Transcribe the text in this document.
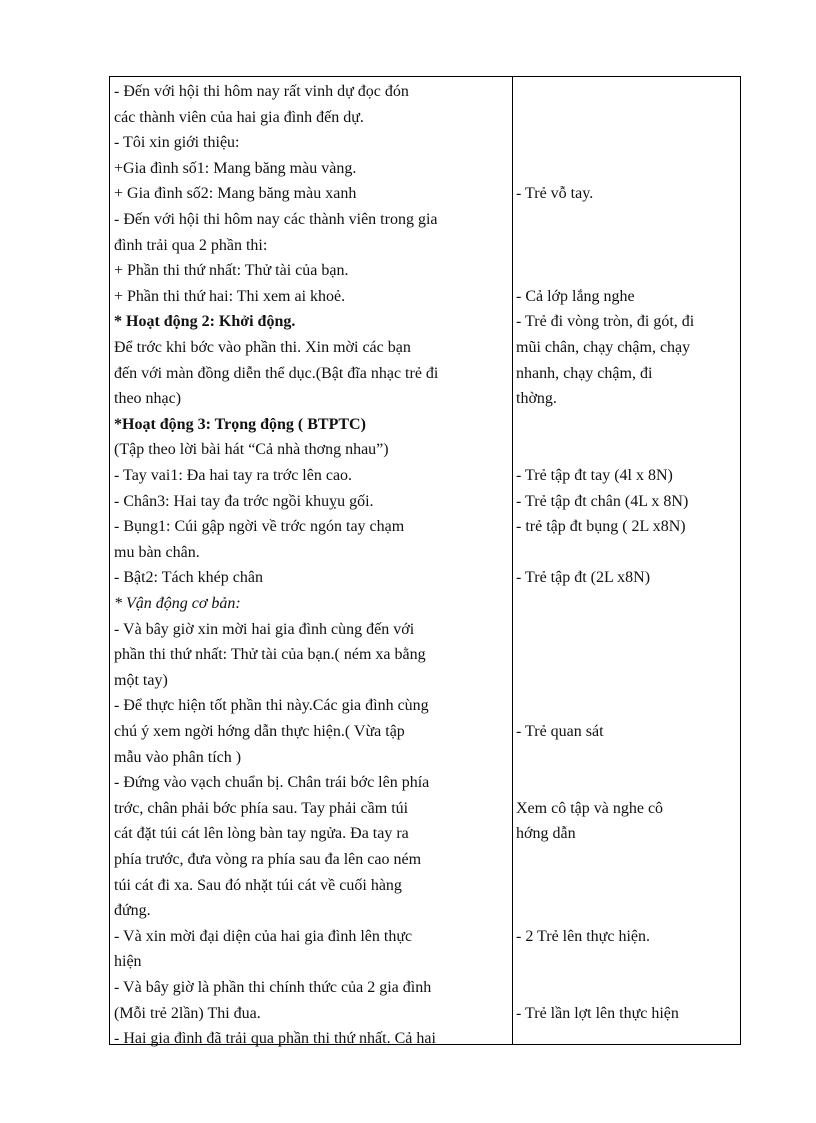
- Đến với hội thi hôm nay rất vinh dự đọc đón
các thành viên của hai gia đình đến dự.
- Tôi xin giới thiệu:
+Gia đình số1: Mang băng màu vàng.
+ Gia đình số2: Mang băng màu xanh
- Đến với hội thi hôm nay các thành viên trong gia
đình trải qua 2 phần thi:
+ Phần thi thứ nhất: Thử tài của bạn.
+ Phần thi thứ hai: Thi xem ai khoẻ.
* Hoạt động 2: Khởi động.
Để trớc khi bớc vào phần thi. Xin mời các bạn
đến với màn đồng diễn thể dục.(Bật đĩa nhạc trẻ đi
theo nhạc)
*Hoạt động 3: Trọng động ( BTPTC)
(Tập theo lời bài hát “Cả nhà thơng nhau”)
- Tay vai1: Đa hai tay ra trớc lên cao.
- Chân3: Hai tay đa trớc ngồi khuỵu gối.
- Bụng1: Cúi gập ngời về trớc ngón tay chạm
mu bàn chân.
- Bật2: Tách khép chân
* Vận động cơ bản:
- Và bây giờ xin mời hai gia đình cùng đến với
phần thi thứ nhất: Thử tài của bạn.( ném xa bằng
một tay)
- Để thực hiện tốt phần thi này.Các gia đình cùng
chú ý xem ngời hớng dẫn thực hiện.( Vừa tập
mẫu vào phân tích )
- Đứng vào vạch chuẩn bị. Chân trái bớc lên phía
trớc, chân phải bớc phía sau. Tay phải cầm túi
cát đặt túi cát lên lòng bàn tay ngửa. Đa tay ra
phía trước, đưa vòng ra phía sau đa lên cao ném
túi cát đi xa. Sau đó nhặt túi cát về cuối hàng
đứng.
- Và xin mời đại diện của hai gia đình lên thực
hiện
- Và bây giờ là phần thi chính thức của 2 gia đình
(Mỗi trẻ 2lần) Thi đua.
- Hai gia đình đã trải qua phần thi thứ nhất. Cả hai
- Trẻ vỗ tay.
- Cả lớp lắng nghe
- Trẻ đi vòng tròn, đi gót, đi
mũi chân, chạy chậm, chạy
nhanh, chạy chậm, đi
thờng.
- Trẻ tập đt tay (4l x 8N)
- Trẻ tập đt chân (4L x 8N)
- trẻ tập đt bụng ( 2L x8N)
- Trẻ tập đt (2L x8N)
- Trẻ quan sát
Xem cô tập và nghe cô
hớng dẫn
- 2 Trẻ lên thực hiện.
- Trẻ lần lợt lên thực hiện
